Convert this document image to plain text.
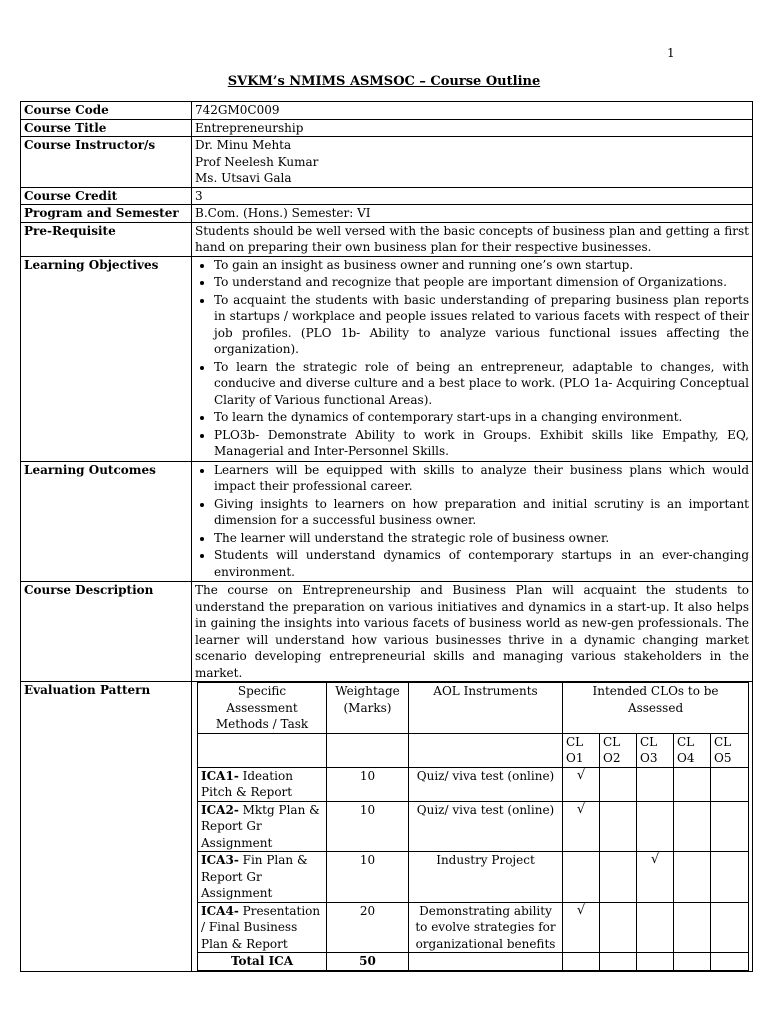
1
SVKM’s NMIMS ASMSOC – Course Outline
Course Code	742GM0C009
Course Title	Entrepreneurship
Course Instructor/s	Dr. Minu Mehta
Prof Neelesh Kumar
Ms. Utsavi Gala

Course Credit	3
Program and Semester	B.Com. (Hons.) Semester: VI
Pre-Requisite	Students should be well versed with the basic concepts of business plan and getting a first hand on preparing their own business plan for their respective businesses.
Learning Objectives	
•To gain an insight as business owner and running one’s own startup.
• To understand and recognize that people are important dimension of Organizations.
• To acquaint the students with basic understanding of preparing business plan reports in startups / workplace and people issues related to various facets with respect of their job profiles. (PLO 1b- Ability to analyze various functional issues affecting the organization).
• To learn the strategic role of being an entrepreneur, adaptable to changes, with conducive and diverse culture and a best place to work. (PLO 1a- Acquiring Conceptual Clarity of Various functional Areas).
• To learn the dynamics of contemporary start-ups in a changing environment.
• PLO3b- Demonstrate Ability to work in Groups. Exhibit skills like Empathy, EQ, Managerial and Inter-Personnel Skills.

Learning Outcomes	
•Learners will be equipped with skills to analyze their business plans which would impact their professional career.
• Giving insights to learners on how preparation and initial scrutiny is an important dimension for a successful business owner.
• The learner will understand the strategic role of business owner.
• Students will understand dynamics of contemporary startups in an ever-changing environment.

Course Description	The course on Entrepreneurship and Business Plan will acquaint the students to understand the preparation on various initiatives and dynamics in a start-up. It also helps in gaining the insights into various facets of business world as new-gen professionals. The learner will understand how various businesses thrive in a dynamic changing market scenario developing entrepreneurial skills and managing various stakeholders in the market.
Evaluation Pattern		Specific Assessment Methods / Task	Weightage (Marks)	AOL Instruments	Intended CLOs to be Assessed
			CL O1	CL O2	CL O3	CL O4	CL O5
ICA1- Ideation Pitch & Report	10	Quiz/ viva test (online)	√				
ICA2- Mktg Plan & Report Gr Assignment	10	Quiz/ viva test (online)	√				
ICA3- Fin Plan & Report Gr Assignment	10	Industry Project			√		
ICA4- Presentation / Final Business Plan & Report	20	Demonstrating ability to evolve strategies for organizational benefits	√				
Total ICA	50						
